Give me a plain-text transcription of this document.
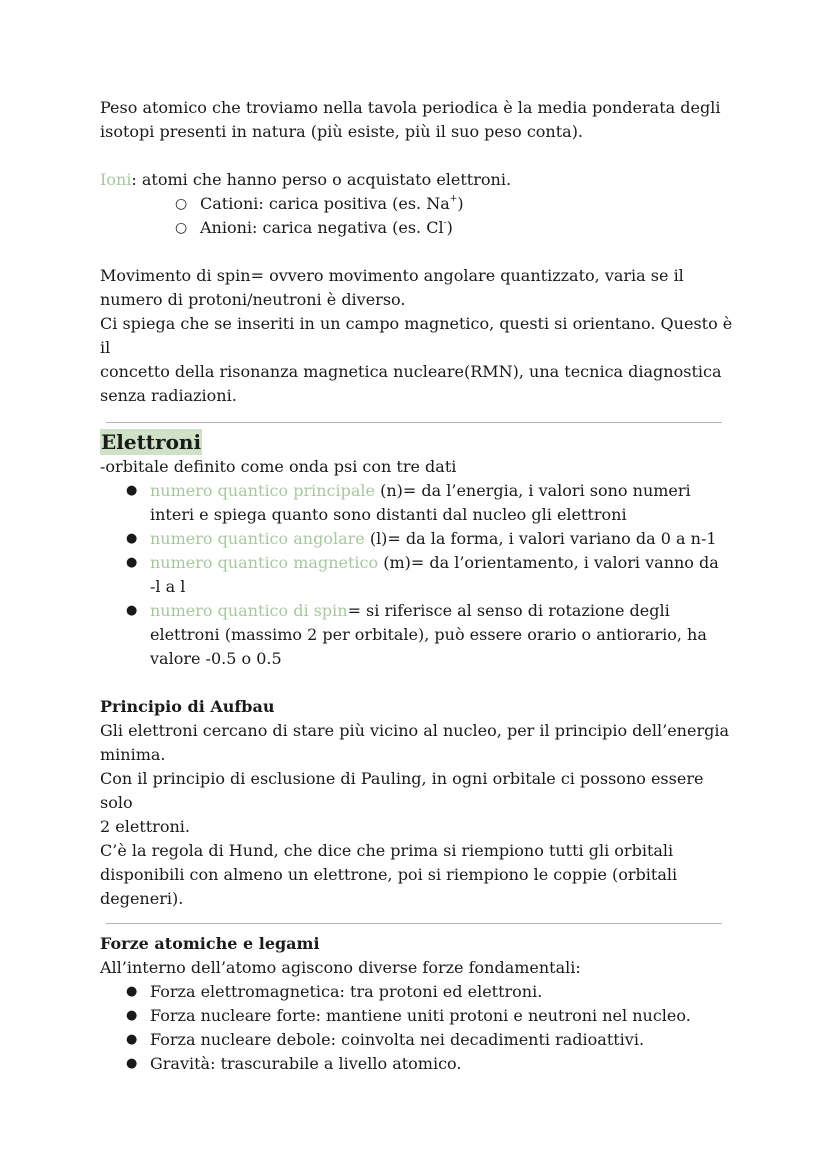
Peso atomico che troviamo nella tavola periodica è la media ponderata degli

isotopi presenti in natura (più esiste, più il suo peso conta).

Ioni: atomi che hanno perso o acquistato elettroni.

○ Cationi: carica positiva (es. Na+)
○ Anioni: carica negativa (es. Cl-)

Movimento di spin= ovvero movimento angolare quantizzato, varia se il

numero di protoni/neutroni è diverso.

Ci spiega che se inseriti in un campo magnetico, questi si orientano. Questo è il

concetto della risonanza magnetica nucleare(RMN), una tecnica diagnostica

senza radiazioni.

Elettroni

-orbitale definito come onda psi con tre dati

● numero quantico principale (n)= da l’energia, i valori sono numeri
interi e spiega quanto sono distanti dal nucleo gli elettroni
● numero quantico angolare (l)= da la forma, i valori variano da 0 a n-1
● numero quantico magnetico (m)= da l’orientamento, i valori vanno da
-l a l
● numero quantico di spin= si riferisce al senso di rotazione degli
elettroni (massimo 2 per orbitale), può essere orario o antiorario, ha
valore -0.5 o 0.5

Principio di Aufbau

Gli elettroni cercano di stare più vicino al nucleo, per il principio dell’energia

minima.

Con il principio di esclusione di Pauling, in ogni orbitale ci possono essere solo

2 elettroni.

C’è la regola di Hund, che dice che prima si riempiono tutti gli orbitali

disponibili con almeno un elettrone, poi si riempiono le coppie (orbitali

degeneri).

Forze atomiche e legami

All’interno dell’atomo agiscono diverse forze fondamentali:

● Forza elettromagnetica: tra protoni ed elettroni.
● Forza nucleare forte: mantiene uniti protoni e neutroni nel nucleo.
● Forza nucleare debole: coinvolta nei decadimenti radioattivi.
● Gravità: trascurabile a livello atomico.
